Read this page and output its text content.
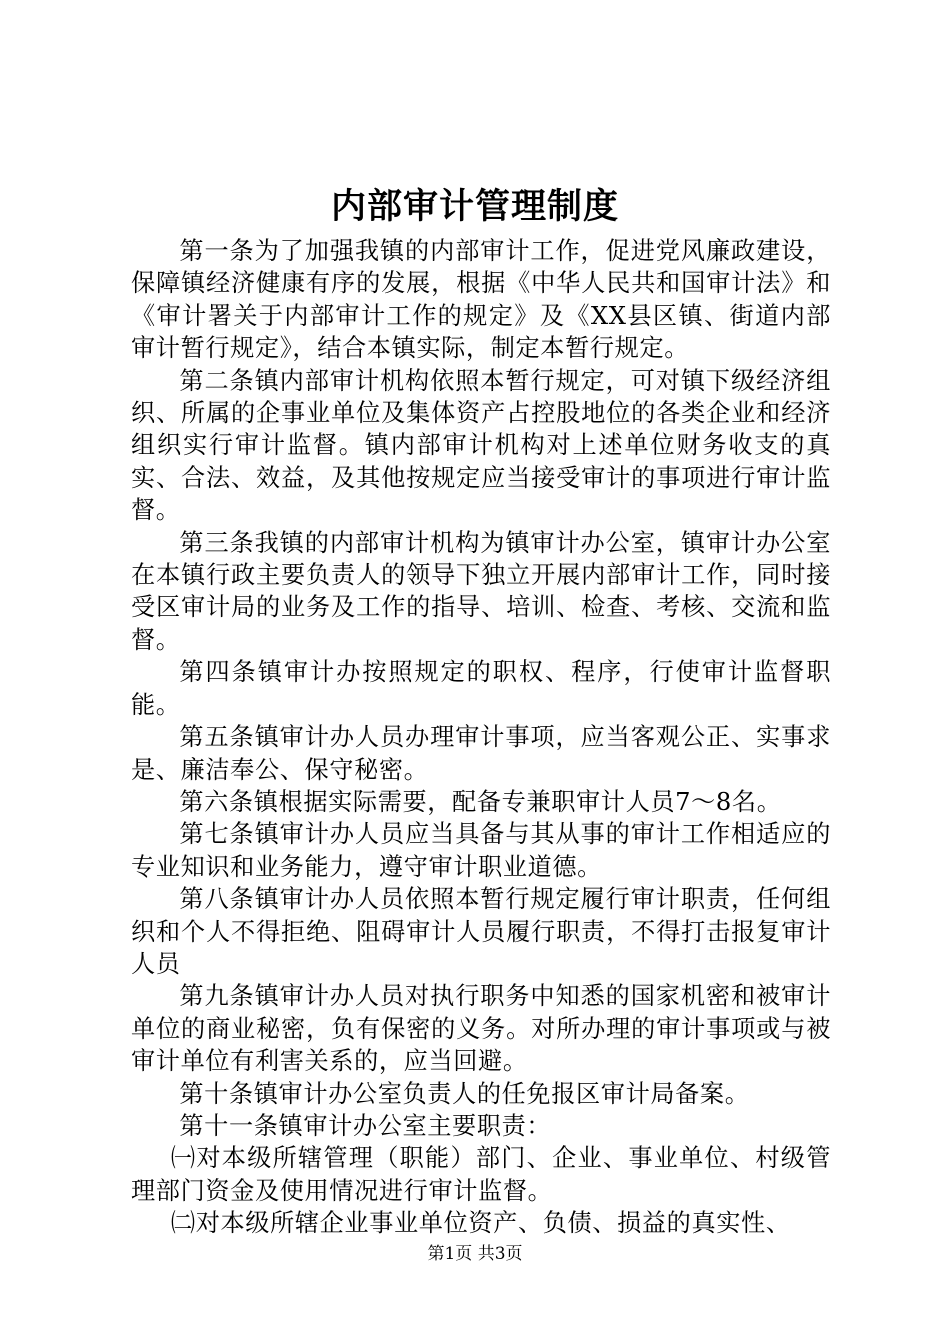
内部审计管理制度

第一条为了加强我镇的内部审计工作，促进党风廉政建设，保障镇经济健康有序的发展，根据《中华人民共和国审计法》和《审计署关于内部审计工作的规定》及《XX县区镇、街道内部审计暂行规定》，结合本镇实际，制定本暂行规定。

第二条镇内部审计机构依照本暂行规定，可对镇下级经济组织、所属的企事业单位及集体资产占控股地位的各类企业和经济组织实行审计监督。镇内部审计机构对上述单位财务收支的真实、合法、效益，及其他按规定应当接受审计的事项进行审计监督。

第三条我镇的内部审计机构为镇审计办公室，镇审计办公室在本镇行政主要负责人的领导下独立开展内部审计工作，同时接受区审计局的业务及工作的指导、培训、检查、考核、交流和监督。

第四条镇审计办按照规定的职权、程序，行使审计监督职能。

第五条镇审计办人员办理审计事项，应当客观公正、实事求是、廉洁奉公、保守秘密。

第六条镇根据实际需要，配备专兼职审计人员7～8名。

第七条镇审计办人员应当具备与其从事的审计工作相适应的专业知识和业务能力，遵守审计职业道德。

第八条镇审计办人员依照本暂行规定履行审计职责，任何组织和个人不得拒绝、阻碍审计人员履行职责，不得打击报复审计人员

第九条镇审计办人员对执行职务中知悉的国家机密和被审计单位的商业秘密，负有保密的义务。对所办理的审计事项或与被审计单位有利害关系的，应当回避。

第十条镇审计办公室负责人的任免报区审计局备案。

第十一条镇审计办公室主要职责：

㈠对本级所辖管理（职能）部门、企业、事业单位、村级管理部门资金及使用情况进行审计监督。

㈡对本级所辖企业事业单位资产、负债、损益的真实性、

第1页 共3页
